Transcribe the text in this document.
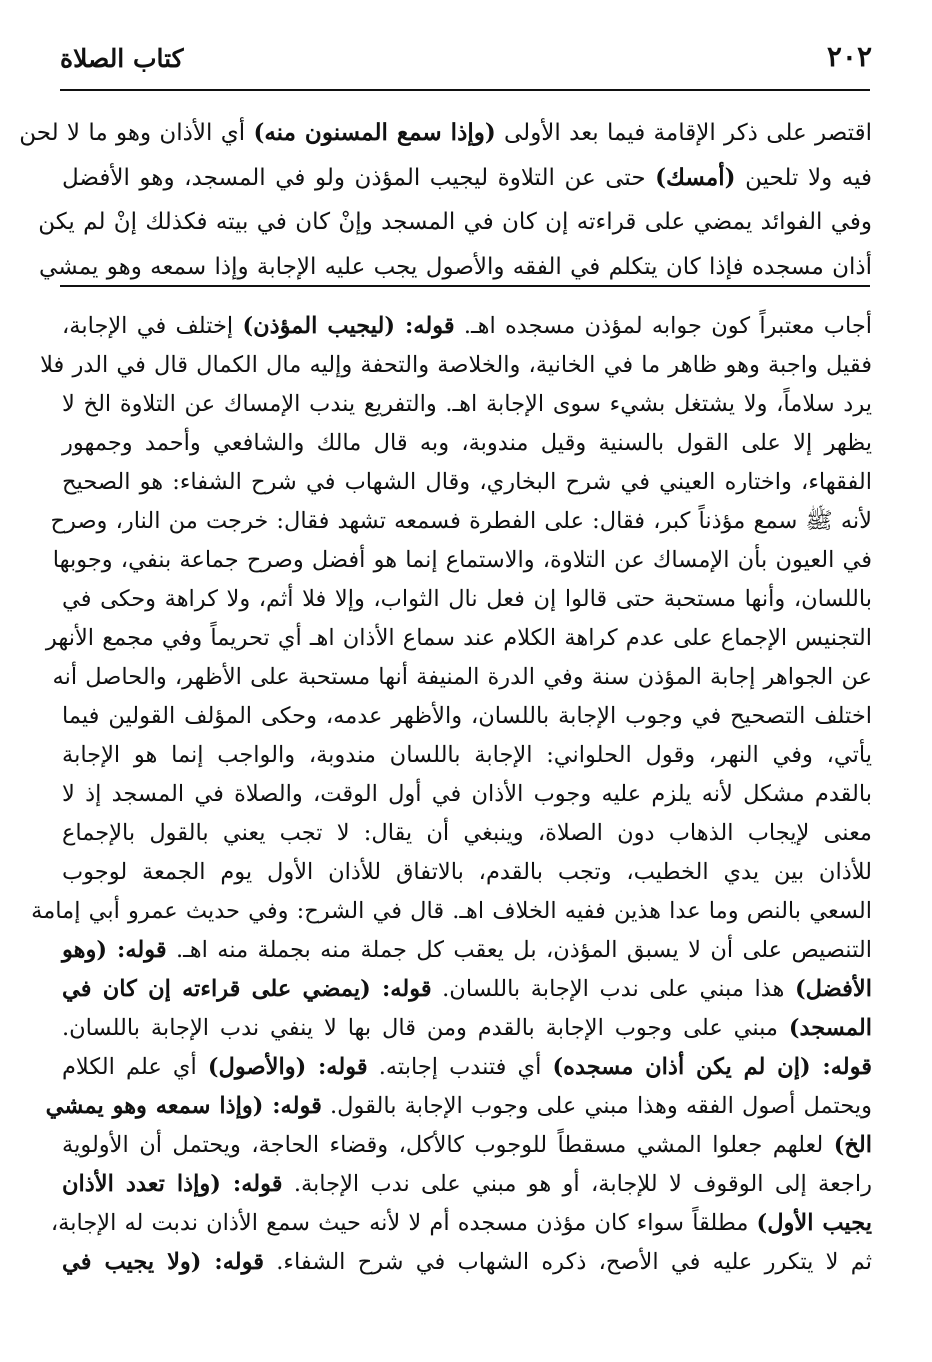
٢٠٢
كتاب الصلاة
اقتصر على ذكر الإقامة فيما بعد الأولى (وإذا سمع المسنون منه) أي الأذان وهو ما لا لحن
فيه ولا تلحين (أمسك) حتى عن التلاوة ليجيب المؤذن ولو في المسجد، وهو الأفضل
وفي الفوائد يمضي على قراءته إن كان في المسجد وإنْ كان في بيته فكذلك إنْ لم يكن
أذان مسجده فإذا كان يتكلم في الفقه والأصول يجب عليه الإجابة وإذا سمعه وهو يمشي
أجاب معتبراً كون جوابه لمؤذن مسجده اهـ. قوله: (ليجيب المؤذن) إختلف في الإجابة،
فقيل واجبة وهو ظاهر ما في الخانية، والخلاصة والتحفة وإليه مال الكمال قال في الدر فلا
يرد سلاماً، ولا يشتغل بشيء سوى الإجابة اهـ. والتفريع يندب الإمساك عن التلاوة الخ لا
يظهر إلا على القول بالسنية وقيل مندوبة، وبه قال مالك والشافعي وأحمد وجمهور
الفقهاء، واختاره العيني في شرح البخاري، وقال الشهاب في شرح الشفاء: هو الصحيح
لأنه ﷺ سمع مؤذناً كبر، فقال: على الفطرة فسمعه تشهد فقال: خرجت من النار، وصرح
في العيون بأن الإمساك عن التلاوة، والاستماع إنما هو أفضل وصرح جماعة بنفي، وجوبها
باللسان، وأنها مستحبة حتى قالوا إن فعل نال الثواب، وإلا فلا أثم، ولا كراهة وحكى في
التجنيس الإجماع على عدم كراهة الكلام عند سماع الأذان اهـ أي تحريماً وفي مجمع الأنهر
عن الجواهر إجابة المؤذن سنة وفي الدرة المنيفة أنها مستحبة على الأظهر، والحاصل أنه
اختلف التصحيح في وجوب الإجابة باللسان، والأظهر عدمه، وحكى المؤلف القولين فيما
يأتي، وفي النهر، وقول الحلواني: الإجابة باللسان مندوبة، والواجب إنما هو الإجابة
بالقدم مشكل لأنه يلزم عليه وجوب الأذان في أول الوقت، والصلاة في المسجد إذ لا
معنى لإيجاب الذهاب دون الصلاة، وينبغي أن يقال: لا تجب يعني بالقول بالإجماع
للأذان بين يدي الخطيب، وتجب بالقدم، بالاتفاق للأذان الأول يوم الجمعة لوجوب
السعي بالنص وما عدا هذين ففيه الخلاف اهـ. قال في الشرح: وفي حديث عمرو أبي إمامة
التنصيص على أن لا يسبق المؤذن، بل يعقب كل جملة منه بجملة منه اهـ. قوله: (وهو
الأفضل) هذا مبني على ندب الإجابة باللسان. قوله: (يمضي على قراءته إن كان في
المسجد) مبني على وجوب الإجابة بالقدم ومن قال بها لا ينفي ندب الإجابة باللسان.
قوله: (إن لم يكن أذان مسجده) أي فتندب إجابته. قوله: (والأصول) أي علم الكلام
ويحتمل أصول الفقه وهذا مبني على وجوب الإجابة بالقول. قوله: (وإذا سمعه وهو يمشي
الخ) لعلهم جعلوا المشي مسقطاً للوجوب كالأكل، وقضاء الحاجة، ويحتمل أن الأولوية
راجعة إلى الوقوف لا للإجابة، أو هو مبني على ندب الإجابة. قوله: (وإذا تعدد الأذان
يجيب الأول) مطلقاً سواء كان مؤذن مسجده أم لا لأنه حيث سمع الأذان ندبت له الإجابة،
ثم لا يتكرر عليه في الأصح، ذكره الشهاب في شرح الشفاء. قوله: (ولا يجيب في
